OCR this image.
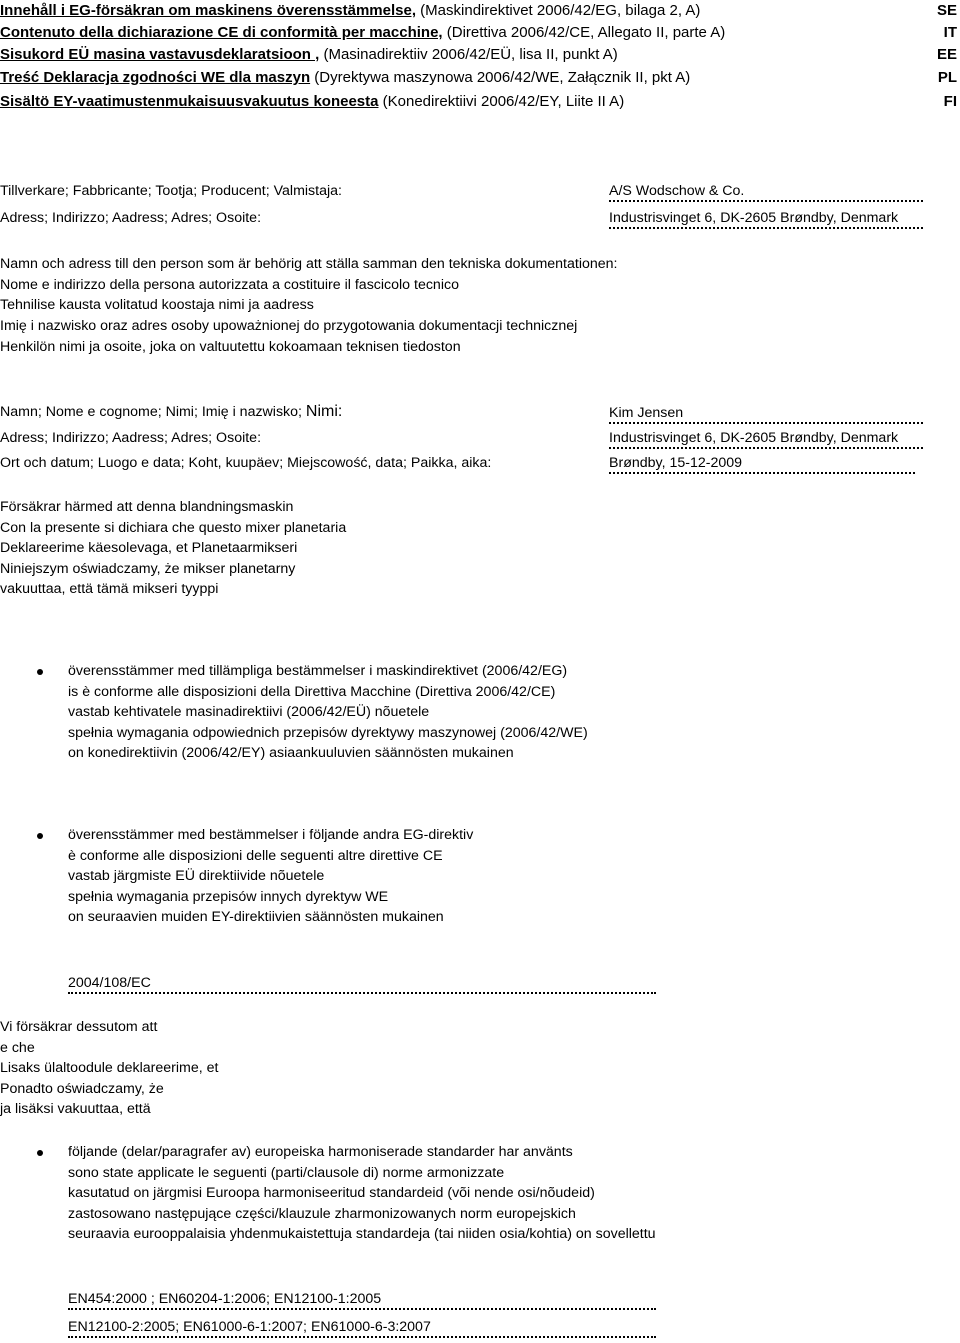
Innehåll i EG-försäkran om maskinens överensstämmelse, (Maskindirektivet 2006/42/EG, bilaga 2, A)	SE
Contenuto della dichiarazione CE di conformità per macchine, (Direttiva 2006/42/CE, Allegato II, parte A)	IT
Sisukord EÜ masina vastavusdeklaratsioon , (Masinadirektiiv 2006/42/EÜ, lisa II, punkt A)	EE
Treść Deklaracja zgodności WE dla maszyn (Dyrektywa maszynowa 2006/42/WE, Załącznik II, pkt A)	PL
Sisältö EY-vaatimustenmukaisuusvakuutus koneesta (Konedirektiivi 2006/42/EY, Liite II A)	FI
Tillverkare; Fabbricante; Tootja; Producent; Valmistaja:	A/S Wodschow & Co.
Adress; Indirizzo; Aadress; Adres; Osoite:	Industrisvinget 6, DK-2605 Brøndby, Denmark
Namn och adress till den person som är behörig att ställa samman den tekniska dokumentationen:
Nome e indirizzo della persona autorizzata a costituire il fascicolo tecnico
Tehnilise kausta volitatud koostaja nimi ja aadress
Imię i nazwisko oraz adres osoby upoważnionej do przygotowania dokumentacji technicznej
Henkilön nimi ja osoite, joka on valtuutettu kokoamaan teknisen tiedoston
Namn; Nome e cognome; Nimi; Imię i nazwisko; Nimi:	Kim Jensen
Adress; Indirizzo; Aadress; Adres; Osoite:	Industrisvinget 6, DK-2605 Brøndby, Denmark
Ort och datum; Luogo e data; Koht, kuupäev; Miejscowość, data; Paikka, aika:	Brøndby, 15-12-2009
Försäkrar härmed att denna blandningsmaskin
Con la presente si dichiara che questo mixer planetaria
Deklareerime käesolevaga, et Planetaarmikseri
Niniejszym oświadczamy, że mikser planetarny
vakuuttaa, että tämä mikseri tyyppi
överensstämmer med tillämpliga bestämmelser i maskindirektivet (2006/42/EG)
is è conforme alle disposizioni della Direttiva Macchine (Direttiva 2006/42/CE)
vastab kehtivatele masinadirektiivi (2006/42/EÜ) nõuetele
spełnia wymagania odpowiednich przepisów dyrektywy maszynowej (2006/42/WE)
on konedirektiivin (2006/42/EY) asiaankuuluvien säännösten mukainen
överensstämmer med bestämmelser i följande andra EG-direktiv
è conforme alle disposizioni delle seguenti altre direttive CE
vastab järgmiste EÜ direktiivide nõuetele
spełnia wymagania przepisów innych dyrektyw WE
on seuraavien muiden EY-direktiivien säännösten mukainen
2004/108/EC
Vi försäkrar dessutom att
e che
Lisaks ülaltoodule deklareerime, et
Ponadto oświadczamy, że
ja lisäksi vakuuttaa, että
följande (delar/paragrafer av) europeiska harmoniserade standarder har använts
sono state applicate le seguenti (parti/clausole di) norme armonizzate
kasutatud on järgmisi Euroopa harmoniseeritud standardeid (või nende osi/nõudeid)
zastosowano następujące części/klauzule zharmonizowanych norm europejskich
seuraavia eurooppalaisia yhdenmukaistettuja standardeja (tai niiden osia/kohtia) on sovellettu
EN454:2000 ; EN60204-1:2006; EN12100-1:2005
EN12100-2:2005; EN61000-6-1:2007; EN61000-6-3:2007
